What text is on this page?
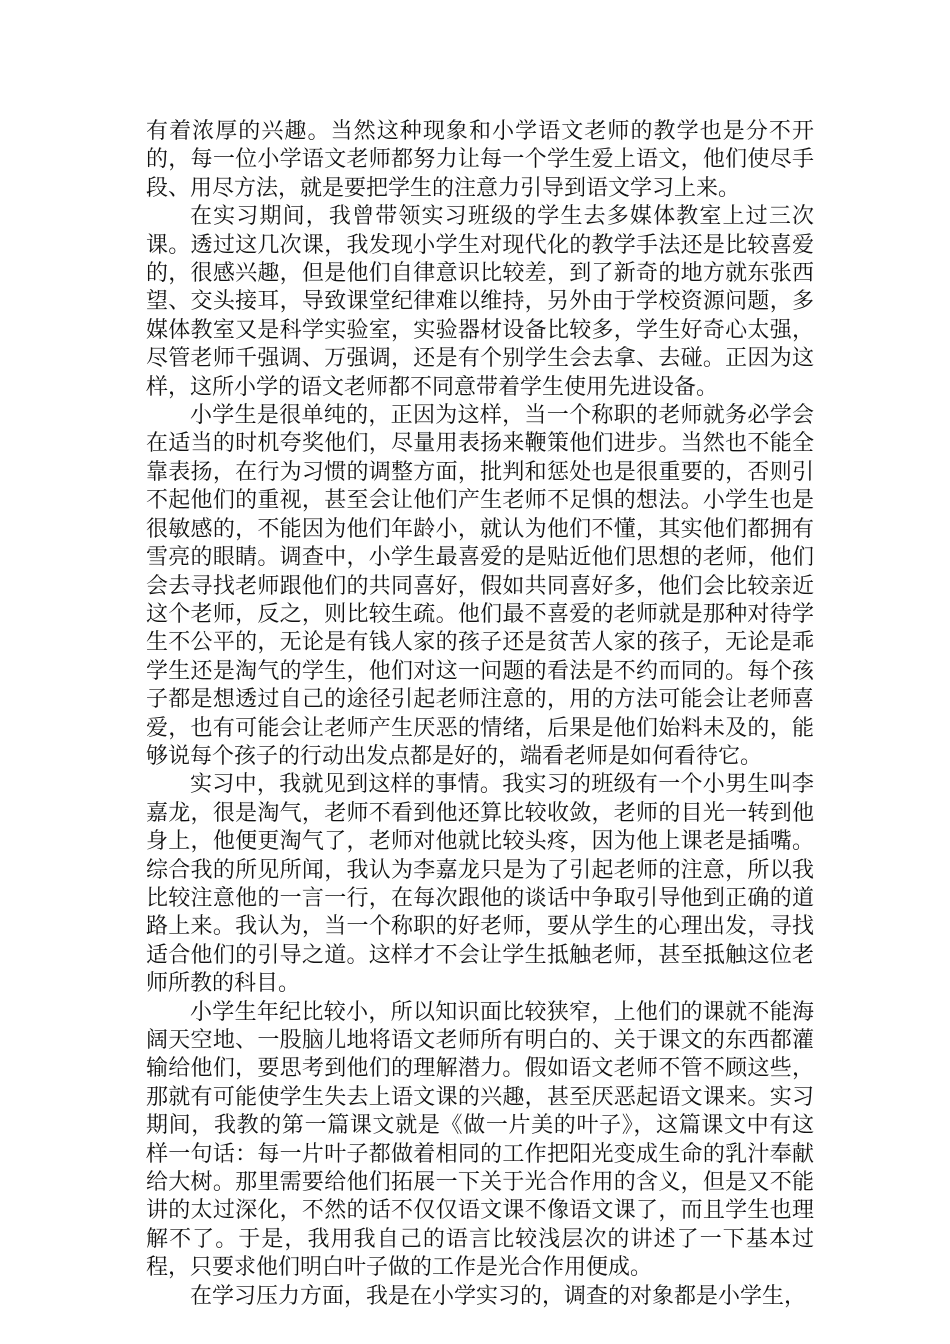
有着浓厚的兴趣。当然这种现象和小学语文老师的教学也是分不开的，每一位小学语文老师都努力让每一个学生爱上语文，他们使尽手段、用尽方法，就是要把学生的注意力引导到语文学习上来。

在实习期间，我曾带领实习班级的学生去多媒体教室上过三次课。透过这几次课，我发现小学生对现代化的教学手法还是比较喜爱的，很感兴趣，但是他们自律意识比较差，到了新奇的地方就东张西望、交头接耳，导致课堂纪律难以维持，另外由于学校资源问题，多媒体教室又是科学实验室，实验器材设备比较多，学生好奇心太强，尽管老师千强调、万强调，还是有个别学生会去拿、去碰。正因为这样，这所小学的语文老师都不同意带着学生使用先进设备。

小学生是很单纯的，正因为这样，当一个称职的老师就务必学会在适当的时机夸奖他们，尽量用表扬来鞭策他们进步。当然也不能全靠表扬，在行为习惯的调整方面，批判和惩处也是很重要的，否则引不起他们的重视，甚至会让他们产生老师不足惧的想法。小学生也是很敏感的，不能因为他们年龄小，就认为他们不懂，其实他们都拥有雪亮的眼睛。调查中，小学生最喜爱的是贴近他们思想的老师，他们会去寻找老师跟他们的共同喜好，假如共同喜好多，他们会比较亲近这个老师，反之，则比较生疏。他们最不喜爱的老师就是那种对待学生不公平的，无论是有钱人家的孩子还是贫苦人家的孩子，无论是乖学生还是淘气的学生，他们对这一问题的看法是不约而同的。每个孩子都是想透过自己的途径引起老师注意的，用的方法可能会让老师喜爱，也有可能会让老师产生厌恶的情绪，后果是他们始料未及的，能够说每个孩子的行动出发点都是好的，端看老师是如何看待它。

实习中，我就见到这样的事情。我实习的班级有一个小男生叫李嘉龙，很是淘气，老师不看到他还算比较收敛，老师的目光一转到他身上，他便更淘气了，老师对他就比较头疼，因为他上课老是插嘴。综合我的所见所闻，我认为李嘉龙只是为了引起老师的注意，所以我比较注意他的一言一行，在每次跟他的谈话中争取引导他到正确的道路上来。我认为，当一个称职的好老师，要从学生的心理出发，寻找适合他们的引导之道。这样才不会让学生抵触老师，甚至抵触这位老师所教的科目。

小学生年纪比较小，所以知识面比较狭窄，上他们的课就不能海阔天空地、一股脑儿地将语文老师所有明白的、关于课文的东西都灌输给他们，要思考到他们的理解潜力。假如语文老师不管不顾这些，那就有可能使学生失去上语文课的兴趣，甚至厌恶起语文课来。实习期间，我教的第一篇课文就是《做一片美的叶子》，这篇课文中有这样一句话：每一片叶子都做着相同的工作把阳光变成生命的乳汁奉献给大树。那里需要给他们拓展一下关于光合作用的含义，但是又不能讲的太过深化，不然的话不仅仅语文课不像语文课了，而且学生也理解不了。于是，我用我自己的语言比较浅层次的讲述了一下基本过程，只要求他们明白叶子做的工作是光合作用便成。

在学习压力方面，我是在小学实习的，调查的对象都是小学生，
